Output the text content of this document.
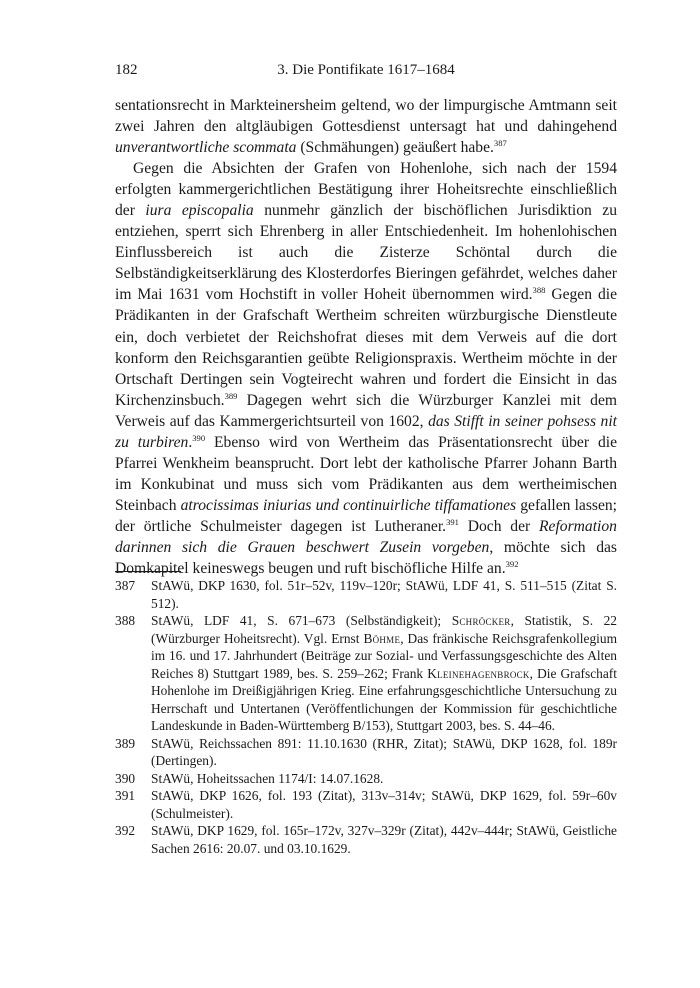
182	3. Die Pontifikate 1617–1684

sentationsrecht in Markteinersheim geltend, wo der limpurgische Amtmann seit zwei Jahren den altgläubigen Gottesdienst untersagt hat und dahingehend unverantwortliche scommata (Schmähungen) geäußert habe.$^{387}$

Gegen die Absichten der Grafen von Hohenlohe, sich nach der 1594 erfolgten kammergerichtlichen Bestätigung ihrer Hoheitsrechte einschließlich der iura episcopalia nunmehr gänzlich der bischöflichen Jurisdiktion zu entziehen, sperrt sich Ehrenberg in aller Entschiedenheit. Im hohenlohischen Einflussbereich ist auch die Zisterze Schöntal durch die Selbständigkeitserklärung des Klosterdorfes Bieringen gefährdet, welches daher im Mai 1631 vom Hochstift in voller Hoheit übernommen wird.$^{388}$ Gegen die Prädikanten in der Grafschaft Wertheim schreiten würzburgische Dienstleute ein, doch verbietet der Reichshofrat dieses mit dem Verweis auf die dort konform den Reichsgarantien geübte Religionspraxis. Wertheim möchte in der Ortschaft Dertingen sein Vogteirecht wahren und fordert die Einsicht in das Kirchenzinsbuch.$^{389}$ Dagegen wehrt sich die Würzburger Kanzlei mit dem Verweis auf das Kammergerichtsurteil von 1602, das Stifft in seiner pohsess nit zu turbiren.$^{390}$ Ebenso wird von Wertheim das Präsentationsrecht über die Pfarrei Wenkheim beansprucht. Dort lebt der katholische Pfarrer Johann Barth im Konkubinat und muss sich vom Prädikanten aus dem wertheimischen Steinbach atrocissimas iniurias und continuirliche tiffamationes gefallen lassen; der örtliche Schulmeister dagegen ist Lutheraner.$^{391}$ Doch der Reformation darinnen sich die Grauen beschwert Zusein vorgeben, möchte sich das Domkapitel keineswegs beugen und ruft bischöfliche Hilfe an.$^{392}$

387 StAWü, DKP 1630, fol. 51r–52v, 119v–120r; StAWü, LDF 41, S. 511–515 (Zitat S. 512).
388 StAWü, LDF 41, S. 671–673 (Selbständigkeit); Schröcker, Statistik, S. 22 (Würzburger Hoheitsrecht). Vgl. Ernst Böhme, Das fränkische Reichsgrafenkollegium im 16. und 17. Jahrhundert (Beiträge zur Sozial- und Verfassungsgeschichte des Alten Reiches 8) Stuttgart 1989, bes. S. 259–262; Frank Kleinehagenbrock, Die Grafschaft Hohenlohe im Dreißigjährigen Krieg. Eine erfahrungsgeschichtliche Untersuchung zu Herrschaft und Untertanen (Veröffentlichungen der Kommission für geschichtliche Landeskunde in Baden-Württemberg B/153), Stuttgart 2003, bes. S. 44–46.
389 StAWü, Reichssachen 891: 11.10.1630 (RHR, Zitat); StAWü, DKP 1628, fol. 189r (Dertingen).
390 StAWü, Hoheitssachen 1174/I: 14.07.1628.
391 StAWü, DKP 1626, fol. 193 (Zitat), 313v–314v; StAWü, DKP 1629, fol. 59r–60v (Schulmeister).
392 StAWü, DKP 1629, fol. 165r–172v, 327v–329r (Zitat), 442v–444r; StAWü, Geistliche Sachen 2616: 20.07. und 03.10.1629.
